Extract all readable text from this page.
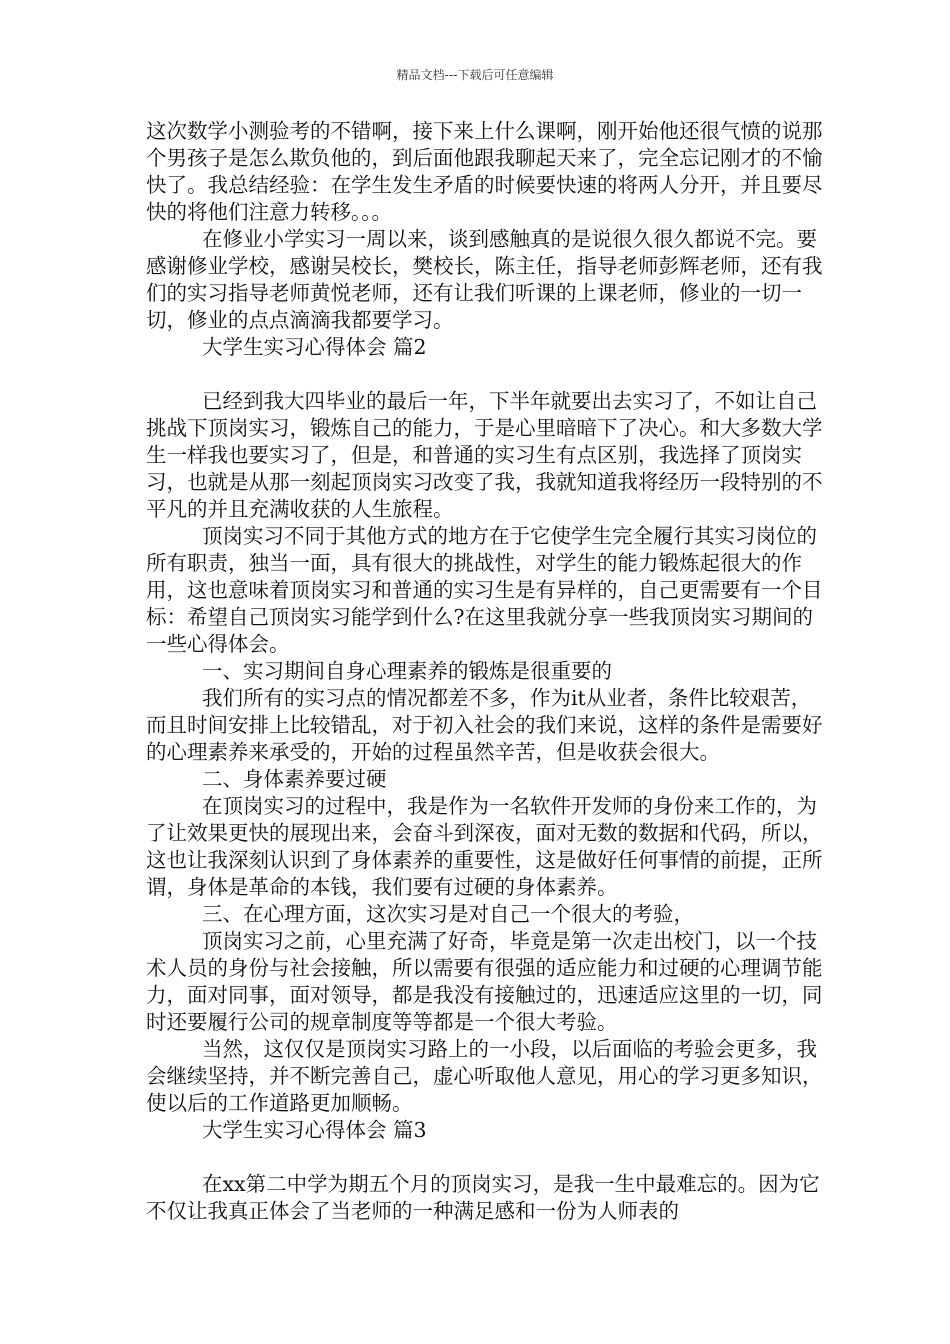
精品文档---下载后可任意编辑

这次数学小测验考的不错啊，接下来上什么课啊，刚开始他还很气愤的说那个男孩子是怎么欺负他的，到后面他跟我聊起天来了，完全忘记刚才的不愉快了。我总结经验：在学生发生矛盾的时候要快速的将两人分开，并且要尽快的将他们注意力转移。。。

在修业小学实习一周以来，谈到感触真的是说很久很久都说不完。要感谢修业学校，感谢吴校长，樊校长，陈主任，指导老师彭辉老师，还有我们的实习指导老师黄悦老师，还有让我们听课的上课老师，修业的一切一切，修业的点点滴滴我都要学习。

大学生实习心得体会 篇2

已经到我大四毕业的最后一年，下半年就要出去实习了，不如让自己挑战下顶岗实习，锻炼自己的能力，于是心里暗暗下了决心。和大多数大学生一样我也要实习了，但是，和普通的实习生有点区别，我选择了顶岗实习，也就是从那一刻起顶岗实习改变了我，我就知道我将经历一段特别的不平凡的并且充满收获的人生旅程。

顶岗实习不同于其他方式的地方在于它使学生完全履行其实习岗位的所有职责，独当一面，具有很大的挑战性，对学生的能力锻炼起很大的作用，这也意味着顶岗实习和普通的实习生是有异样的，自己更需要有一个目标：希望自己顶岗实习能学到什么?在这里我就分享一些我顶岗实习期间的一些心得体会。

一、实习期间自身心理素养的锻炼是很重要的

我们所有的实习点的情况都差不多，作为it从业者，条件比较艰苦，而且时间安排上比较错乱，对于初入社会的我们来说，这样的条件是需要好的心理素养来承受的，开始的过程虽然辛苦，但是收获会很大。

二、身体素养要过硬

在顶岗实习的过程中，我是作为一名软件开发师的身份来工作的，为了让效果更快的展现出来，会奋斗到深夜，面对无数的数据和代码，所以，这也让我深刻认识到了身体素养的重要性，这是做好任何事情的前提，正所谓，身体是革命的本钱，我们要有过硬的身体素养。

三、在心理方面，这次实习是对自己一个很大的考验，

顶岗实习之前，心里充满了好奇，毕竟是第一次走出校门，以一个技术人员的身份与社会接触，所以需要有很强的适应能力和过硬的心理调节能力，面对同事，面对领导，都是我没有接触过的，迅速适应这里的一切，同时还要履行公司的规章制度等等都是一个很大考验。

当然，这仅仅是顶岗实习路上的一小段，以后面临的考验会更多，我会继续坚持，并不断完善自己，虚心听取他人意见，用心的学习更多知识，使以后的工作道路更加顺畅。

大学生实习心得体会 篇3

在xx第二中学为期五个月的顶岗实习，是我一生中最难忘的。因为它不仅让我真正体会了当老师的一种满足感和一份为人师表的
